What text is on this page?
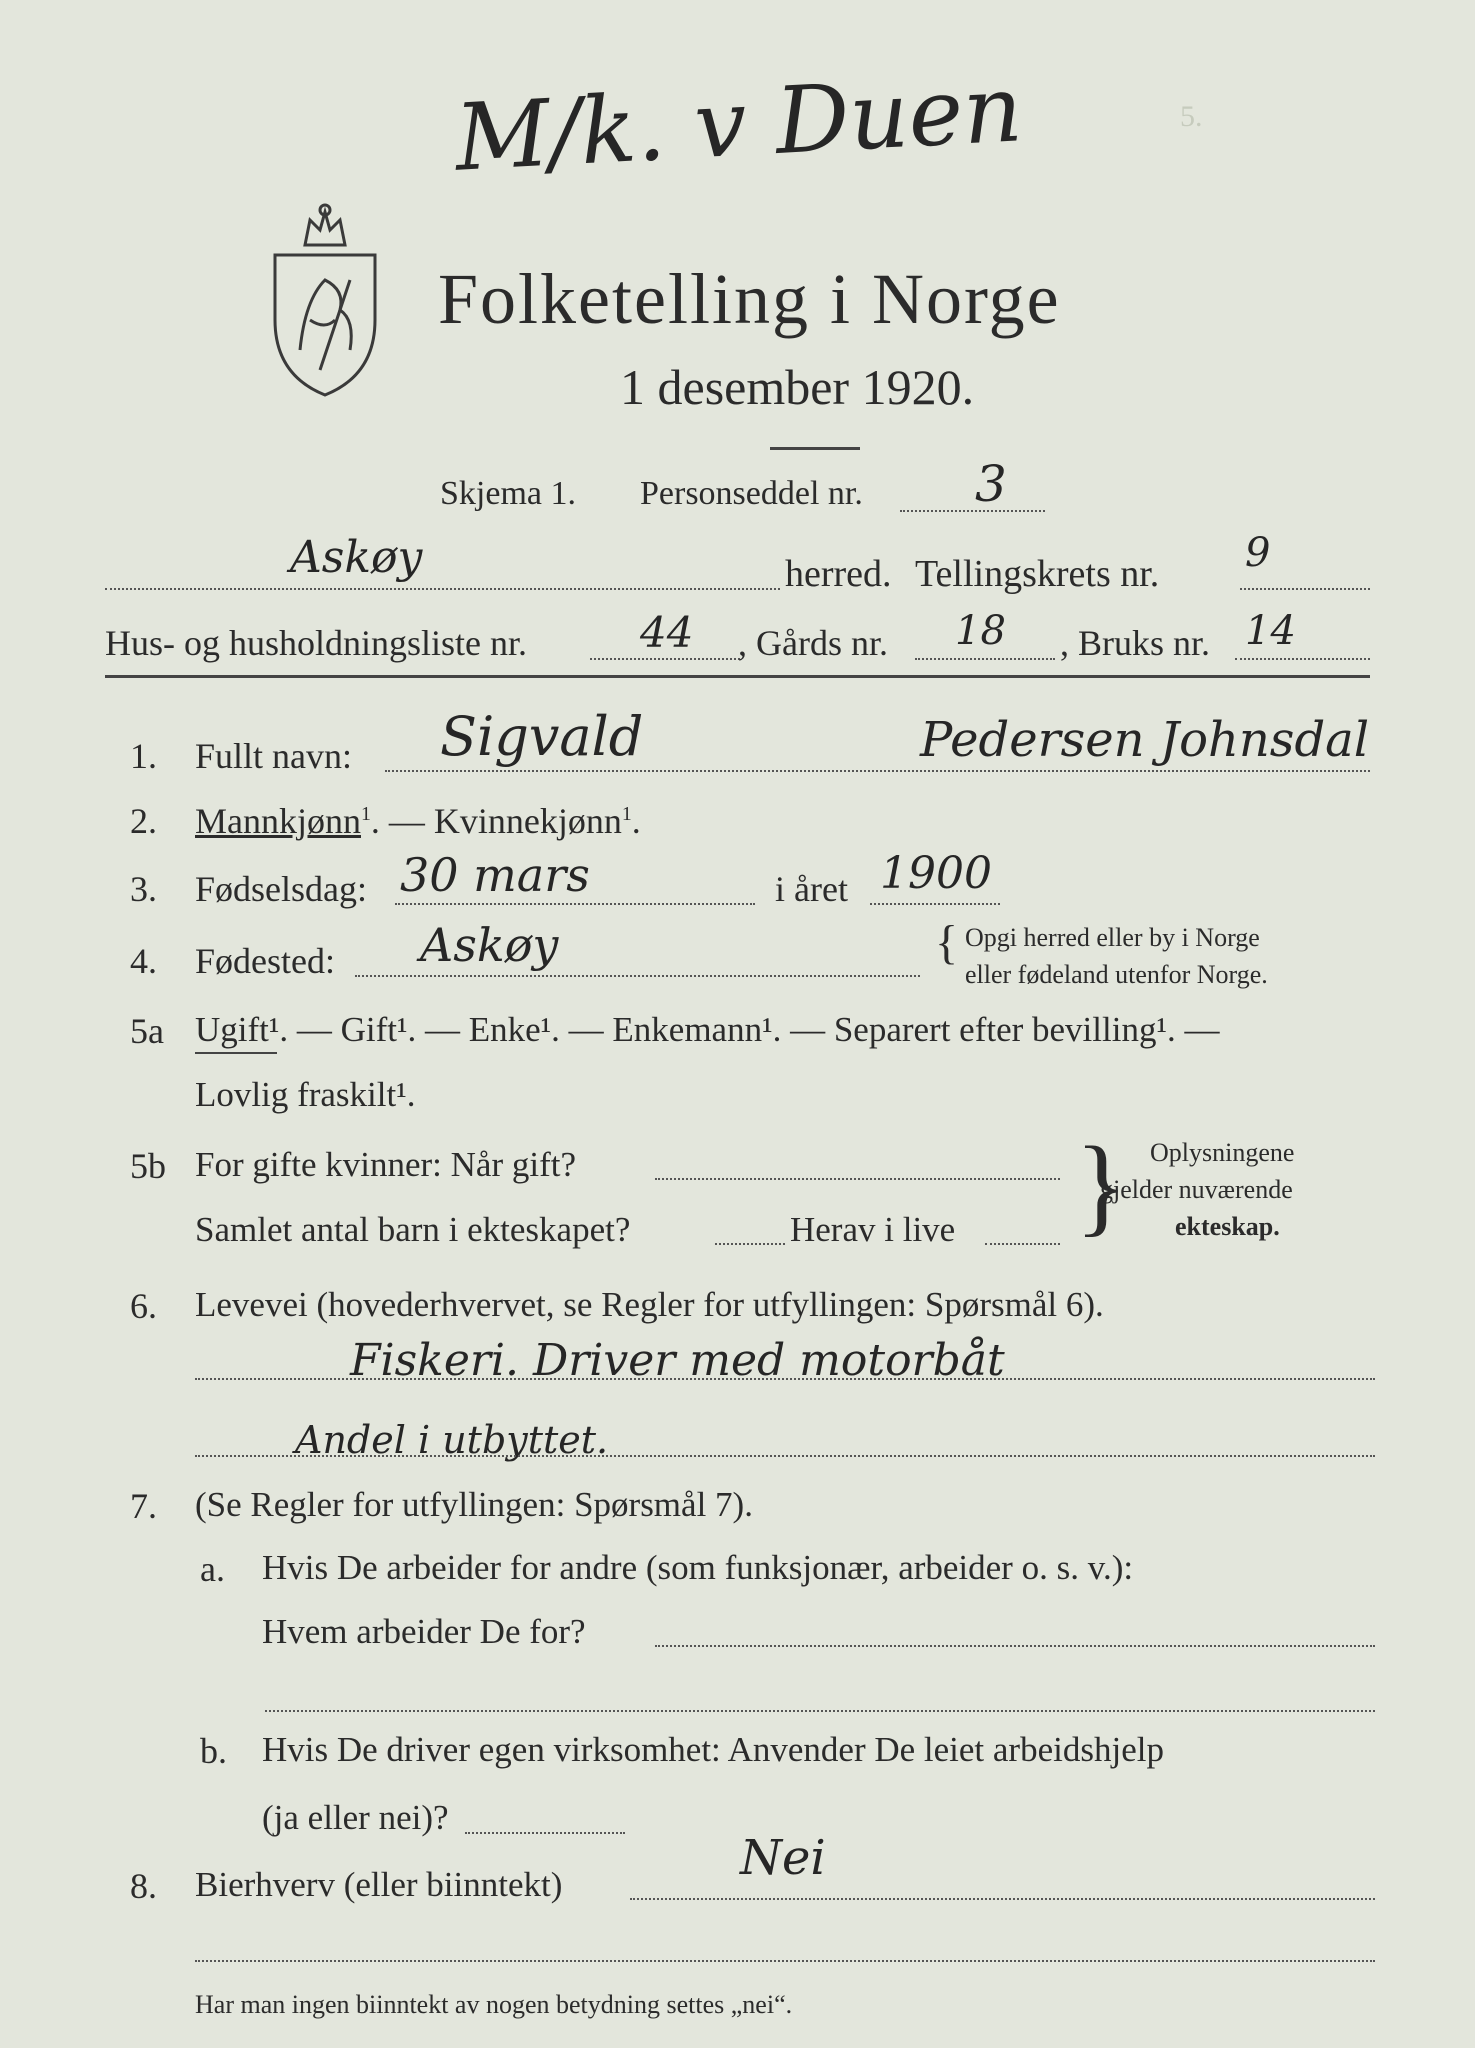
5.
M/k. v Duen
Folketelling i Norge
1 desember 1920.
Skjema 1. Personseddel nr. 3
Askøy	herred. Tellingskrets nr. 9
Hus- og husholdningsliste nr.	44 , Gårds nr. 18 , Bruks nr. 14
1. Fullt navn: Sigvald	Pedersen Johnsdal
2. Mannkjønn$^1$. — Kvinnekjønn$^1$.
3. Fødselsdag: 30 mars	i året 1900
4. Fødested: Askøy	{ Opgi herred eller by i Norge
eller fødeland utenfor Norge.
5a Ugift¹. — Gift¹. — Enke¹. — Enkemann¹. — Separert efter bevilling¹. —
Lovlig fraskilt¹.
5b For gifte kvinner: Når gift?
Samlet antal barn i ekteskapet?	Herav i live } Oplysningene
gjelder nuværende
ekteskap.
6. Levevei (hovederhvervet, se Regler for utfyllingen: Spørsmål 6).
Fiskeri. Driver med motorbåt
Andel i utbyttet.
7. (Se Regler for utfyllingen: Spørsmål 7).
a. Hvis De arbeider for andre (som funksjonær, arbeider o. s. v.):
Hvem arbeider De for?
b. Hvis De driver egen virksomhet: Anvender De leiet arbeidshjelp
(ja eller nei)?
8. Bierhverv (eller biinntekt)	Nei
Har man ingen biinntekt av nogen betydning settes „nei“.
